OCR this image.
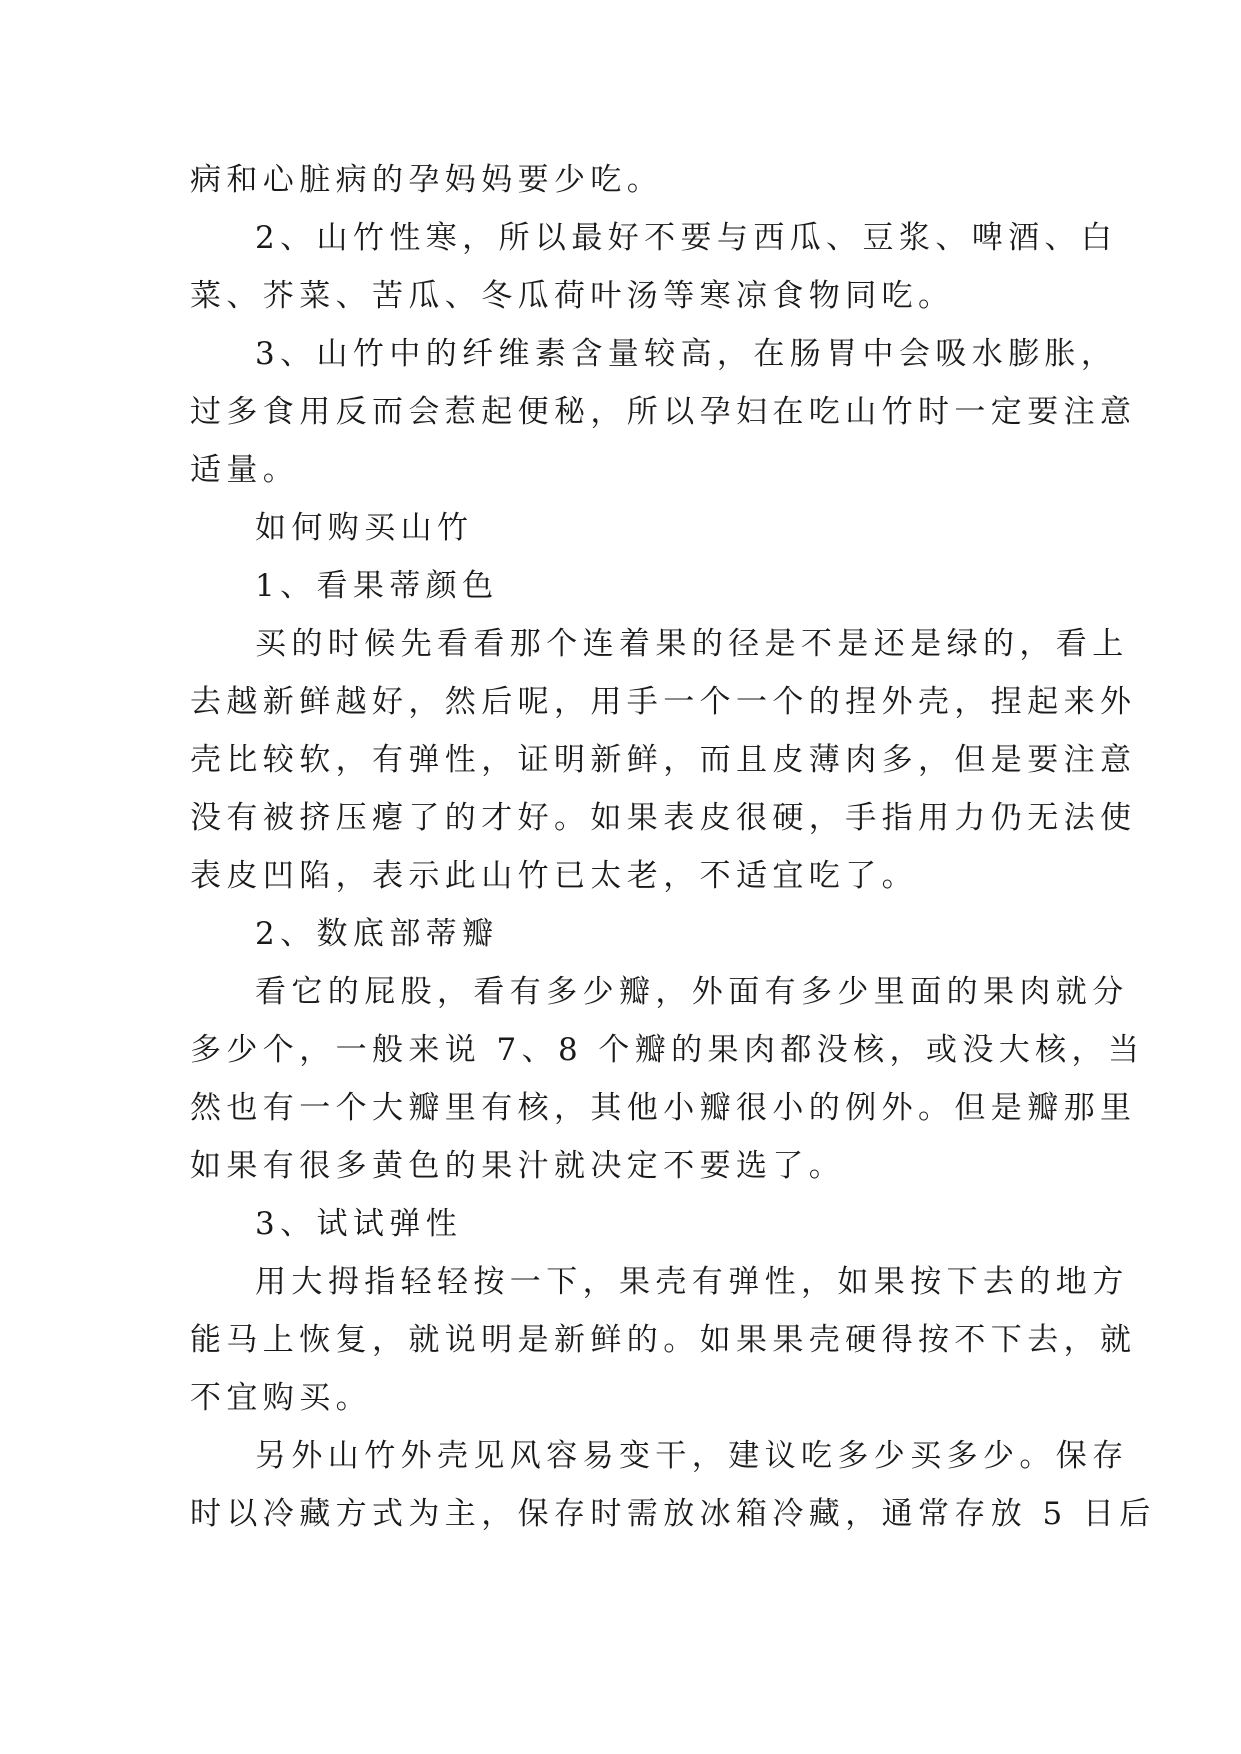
病和心脏病的孕妈妈要少吃。
2、山竹性寒，所以最好不要与西瓜、豆浆、啤酒、白
菜、芥菜、苦瓜、冬瓜荷叶汤等寒凉食物同吃。
3、山竹中的纤维素含量较高，在肠胃中会吸水膨胀，
过多食用反而会惹起便秘，所以孕妇在吃山竹时一定要注意
适量。
如何购买山竹
1、看果蒂颜色
买的时候先看看那个连着果的径是不是还是绿的，看上
去越新鲜越好，然后呢，用手一个一个的捏外壳，捏起来外
壳比较软，有弹性，证明新鲜，而且皮薄肉多，但是要注意
没有被挤压瘪了的才好。如果表皮很硬，手指用力仍无法使
表皮凹陷，表示此山竹已太老，不适宜吃了。
2、数底部蒂瓣
看它的屁股，看有多少瓣，外面有多少里面的果肉就分
多少个，一般来说 7、8 个瓣的果肉都没核，或没大核，当
然也有一个大瓣里有核，其他小瓣很小的例外。但是瓣那里
如果有很多黄色的果汁就决定不要选了。
3、试试弹性
用大拇指轻轻按一下，果壳有弹性，如果按下去的地方
能马上恢复，就说明是新鲜的。如果果壳硬得按不下去，就
不宜购买。
另外山竹外壳见风容易变干，建议吃多少买多少。保存
时以冷藏方式为主，保存时需放冰箱冷藏，通常存放 5 日后
